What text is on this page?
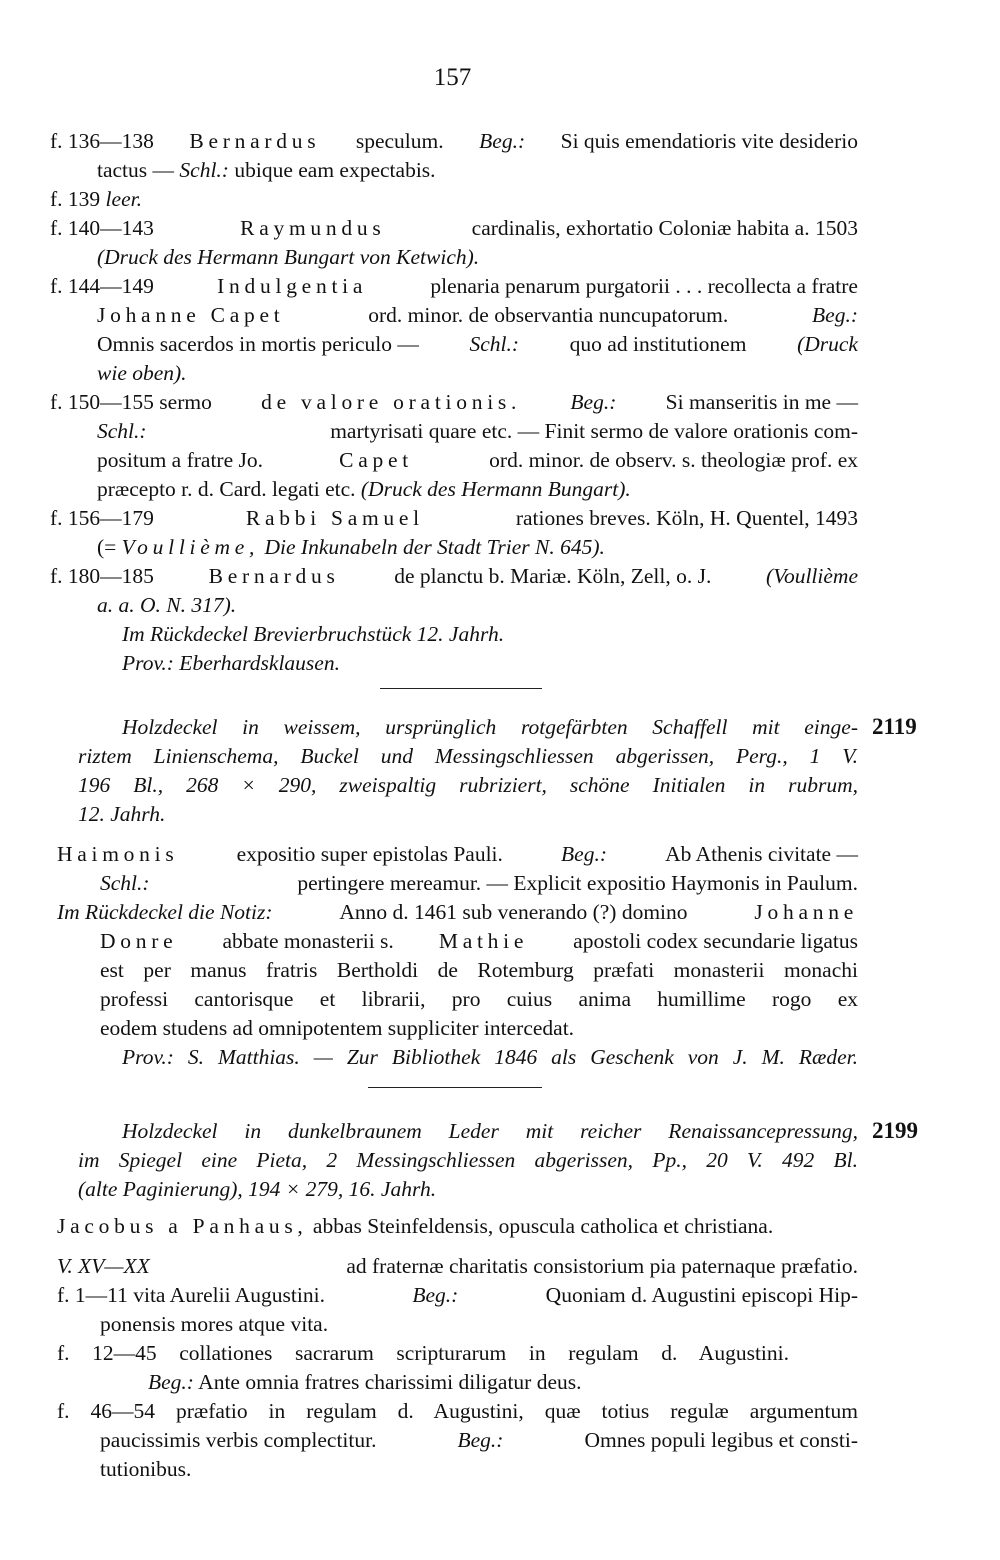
157
f. 136—138 Bernardus speculum. Beg.: Si quis emendatioris vite desiderio
tactus — Schl.: ubique eam expectabis.
f. 139 leer.
f. 140—143	Raymundus	cardinalis, exhortatio Coloniæ habita a. 1503
(Druck des Hermann Bungart von Ketwich).
f. 144—149	Indulgentia	plenaria penarum purgatorii . . . recollecta a fratre
Johanne Capet	ord. minor. de observantia nuncupatorum.	Beg.:
Omnis sacerdos in mortis periculo — Schl.: quo ad institutionem (Druck
wie oben).
f. 150—155 sermo de valore orationis. Beg.: Si manseritis in me —
Schl.:	martyrisati quare etc. — Finit sermo de valore orationis com-
positum a fratre Jo.	Capet	ord. minor. de observ. s. theologiæ prof. ex
præcepto r. d. Card. legati etc. (Druck des Hermann Bungart).
f. 156—179	Rabbi Samuel	rationes breves. Köln, H. Quentel, 1493
(= Voullième, Die Inkunabeln der Stadt Trier N. 645).
f. 180—185	Bernardus	de planctu b. Mariæ. Köln, Zell, o. J.	(Voullième
a. a. O. N. 317).
Im Rückdeckel Brevierbruchstück 12. Jahrh.
Prov.: Eberhardsklausen.
2119
Holzdeckel in weissem, ursprünglich rotgefärbten Schaffell mit einge-
riztem Linienschema, Buckel und Messingschliessen abgerissen, Perg., 1 V.
196 Bl., 268 × 290, zweispaltig rubriziert, schöne Initialen in rubrum,
12. Jahrh.
Haimonis	expositio super epistolas Pauli.	Beg.:	Ab Athenis civitate —
Schl.:	pertingere mereamur. — Explicit expositio Haymonis in Paulum.
Im Rückdeckel die Notiz:	Anno d. 1461 sub venerando (?) domino	Johanne
Donre abbate monasterii s. Mathie apostoli codex secundarie ligatus
est per manus fratris Bertholdi de Rotemburg præfati monasterii monachi
professi cantorisque et librarii, pro cuius anima humillime rogo ex
eodem studens ad omnipotentem suppliciter intercedat.
Prov.: S. Matthias. — Zur Bibliothek 1846 als Geschenk von J. M. Ræder.
2199
Holzdeckel in dunkelbraunem Leder mit reicher Renaissancepressung,
im Spiegel eine Pieta, 2 Messingschliessen abgerissen, Pp., 20 V. 492 Bl.
(alte Paginierung), 194 × 279, 16. Jahrh.
Jacobus a Panhaus, abbas Steinfeldensis, opuscula catholica et christiana.
V. XV—XX	ad fraternæ charitatis consistorium pia paternaque præfatio.
f. 1—11 vita Aurelii Augustini.	Beg.:	Quoniam d. Augustini episcopi Hip-
ponensis mores atque vita.
f. 12—45 collationes sacrarum scripturarum in regulam d. Augustini.
Beg.: Ante omnia fratres charissimi diligatur deus.
f. 46—54 præfatio in regulam d. Augustini, quæ totius regulæ argumentum
paucissimis verbis complectitur.	Beg.:	Omnes populi legibus et consti-
tutionibus.
